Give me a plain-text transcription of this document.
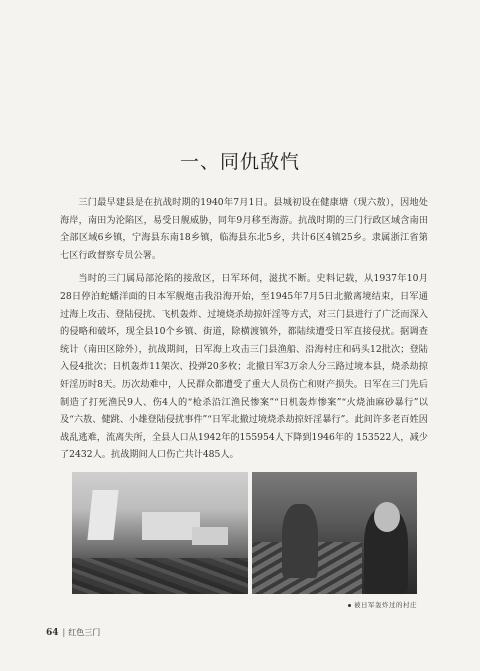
一、同仇敌忾

三门最早建县是在抗战时期的1940年7月1日。县城初设在健康塘（现六敖），因地处海岸，南田为沦陷区，易受日舰威胁，同年9月移至海游。抗战时期的三门行政区域含南田全部区域6乡镇，宁海县东南18乡镇，临海县东北5乡，共计6区4镇25乡。隶属浙江省第七区行政督察专员公署。

当时的三门属局部沦陷的接敌区，日军环伺，滋扰不断。史料记载，从1937年10月28日停泊蛇蟠洋面的日本军舰炮击我沿海开始，至1945年7月5日北撤离境结束，日军通过海上攻击、登陆侵扰、飞机轰炸、过境烧杀劫掠奸淫等方式，对三门县进行了广泛而深入的侵略和破坏，现全县10个乡镇、街道，除横渡镇外，都陆续遭受日军直接侵扰。据调查统计（南田区除外），抗战期间，日军海上攻击三门县渔船、沿海村庄和码头12批次；登陆入侵4批次；日机轰炸11架次、投弹20多枚；北撤日军3万余人分三路过境本县，烧杀劫掠奸淫历时8天。历次劫难中，人民群众都遭受了重大人员伤亡和财产损失。日军在三门先后制造了打死渔民9人、伤4人的“枪杀沿江渔民惨案”“日机轰炸惨案”“火烧油麻砂暴行”以及“六敖、健跳、小雄登陆侵扰事件”“日军北撤过境烧杀劫掠奸淫暴行”。此间许多老百姓因战乱逃难，流离失所，全县人口从1942年的155954人下降到1946年的 153522人，减少了2432人。抗战期间人口伤亡共计485人。

被日军轰炸过的村庄
64 | 红色三门
